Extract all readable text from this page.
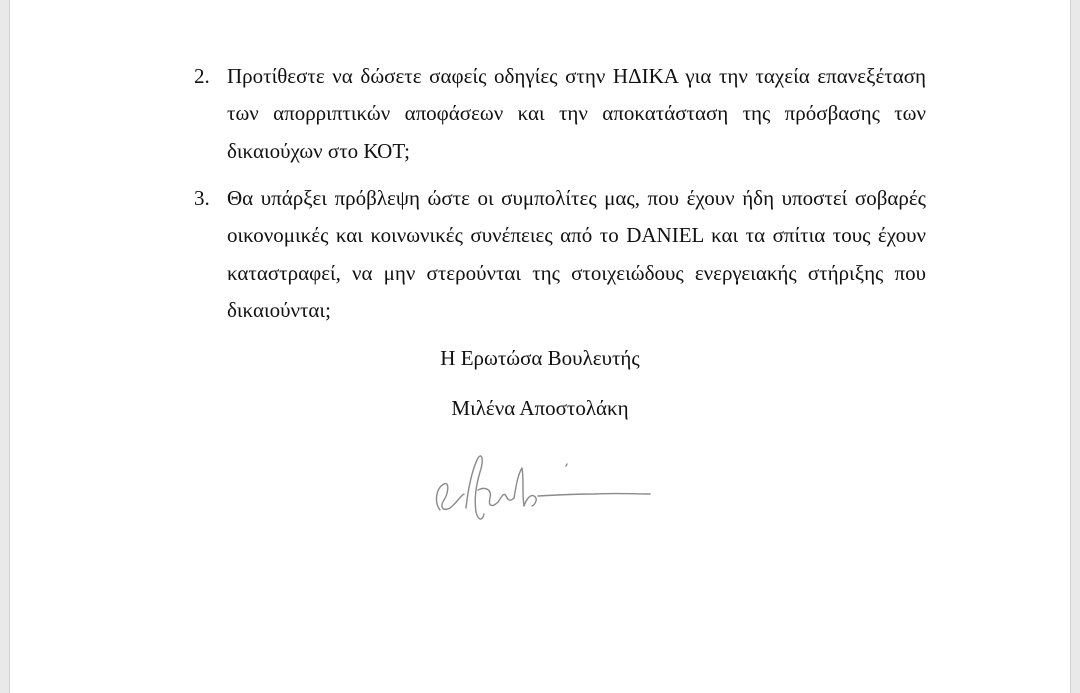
2. Προτίθεστε να δώσετε σαφείς οδηγίες στην ΗΔΙΚΑ για την ταχεία επανεξέταση των απορριπτικών αποφάσεων και την αποκατάσταση της πρόσβασης των δικαιούχων στο ΚΟΤ;
3. Θα υπάρξει πρόβλεψη ώστε οι συμπολίτες μας, που έχουν ήδη υποστεί σοβαρές οικονομικές και κοινωνικές συνέπειες από το DANIEL και τα σπίτια τους έχουν καταστραφεί, να μην στερούνται της στοιχειώδους ενεργειακής στήριξης που δικαιούνται;
Η Ερωτώσα Βουλευτής
Μιλένα Αποστολάκη
